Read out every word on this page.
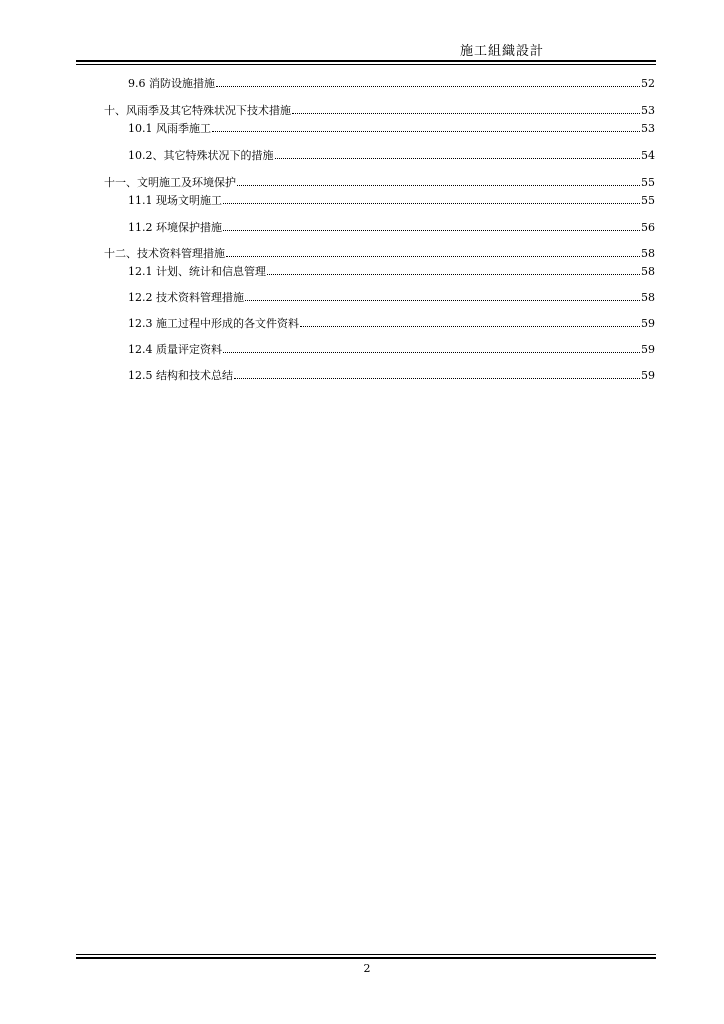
施工組織設計
9.6 消防设施措施	52
十、风雨季及其它特殊状况下技术措施	53
10.1 风雨季施工	53
10.2、其它特殊状况下的措施	54
十一、文明施工及环境保护	55
11.1 现场文明施工	55
11.2 环境保护措施	56
十二、技术资料管理措施	58
12.1 计划、统计和信息管理	58
12.2 技术资料管理措施	58
12.3 施工过程中形成的各文件资料	59
12.4 质量评定资料	59
12.5 结构和技术总结	59
2
